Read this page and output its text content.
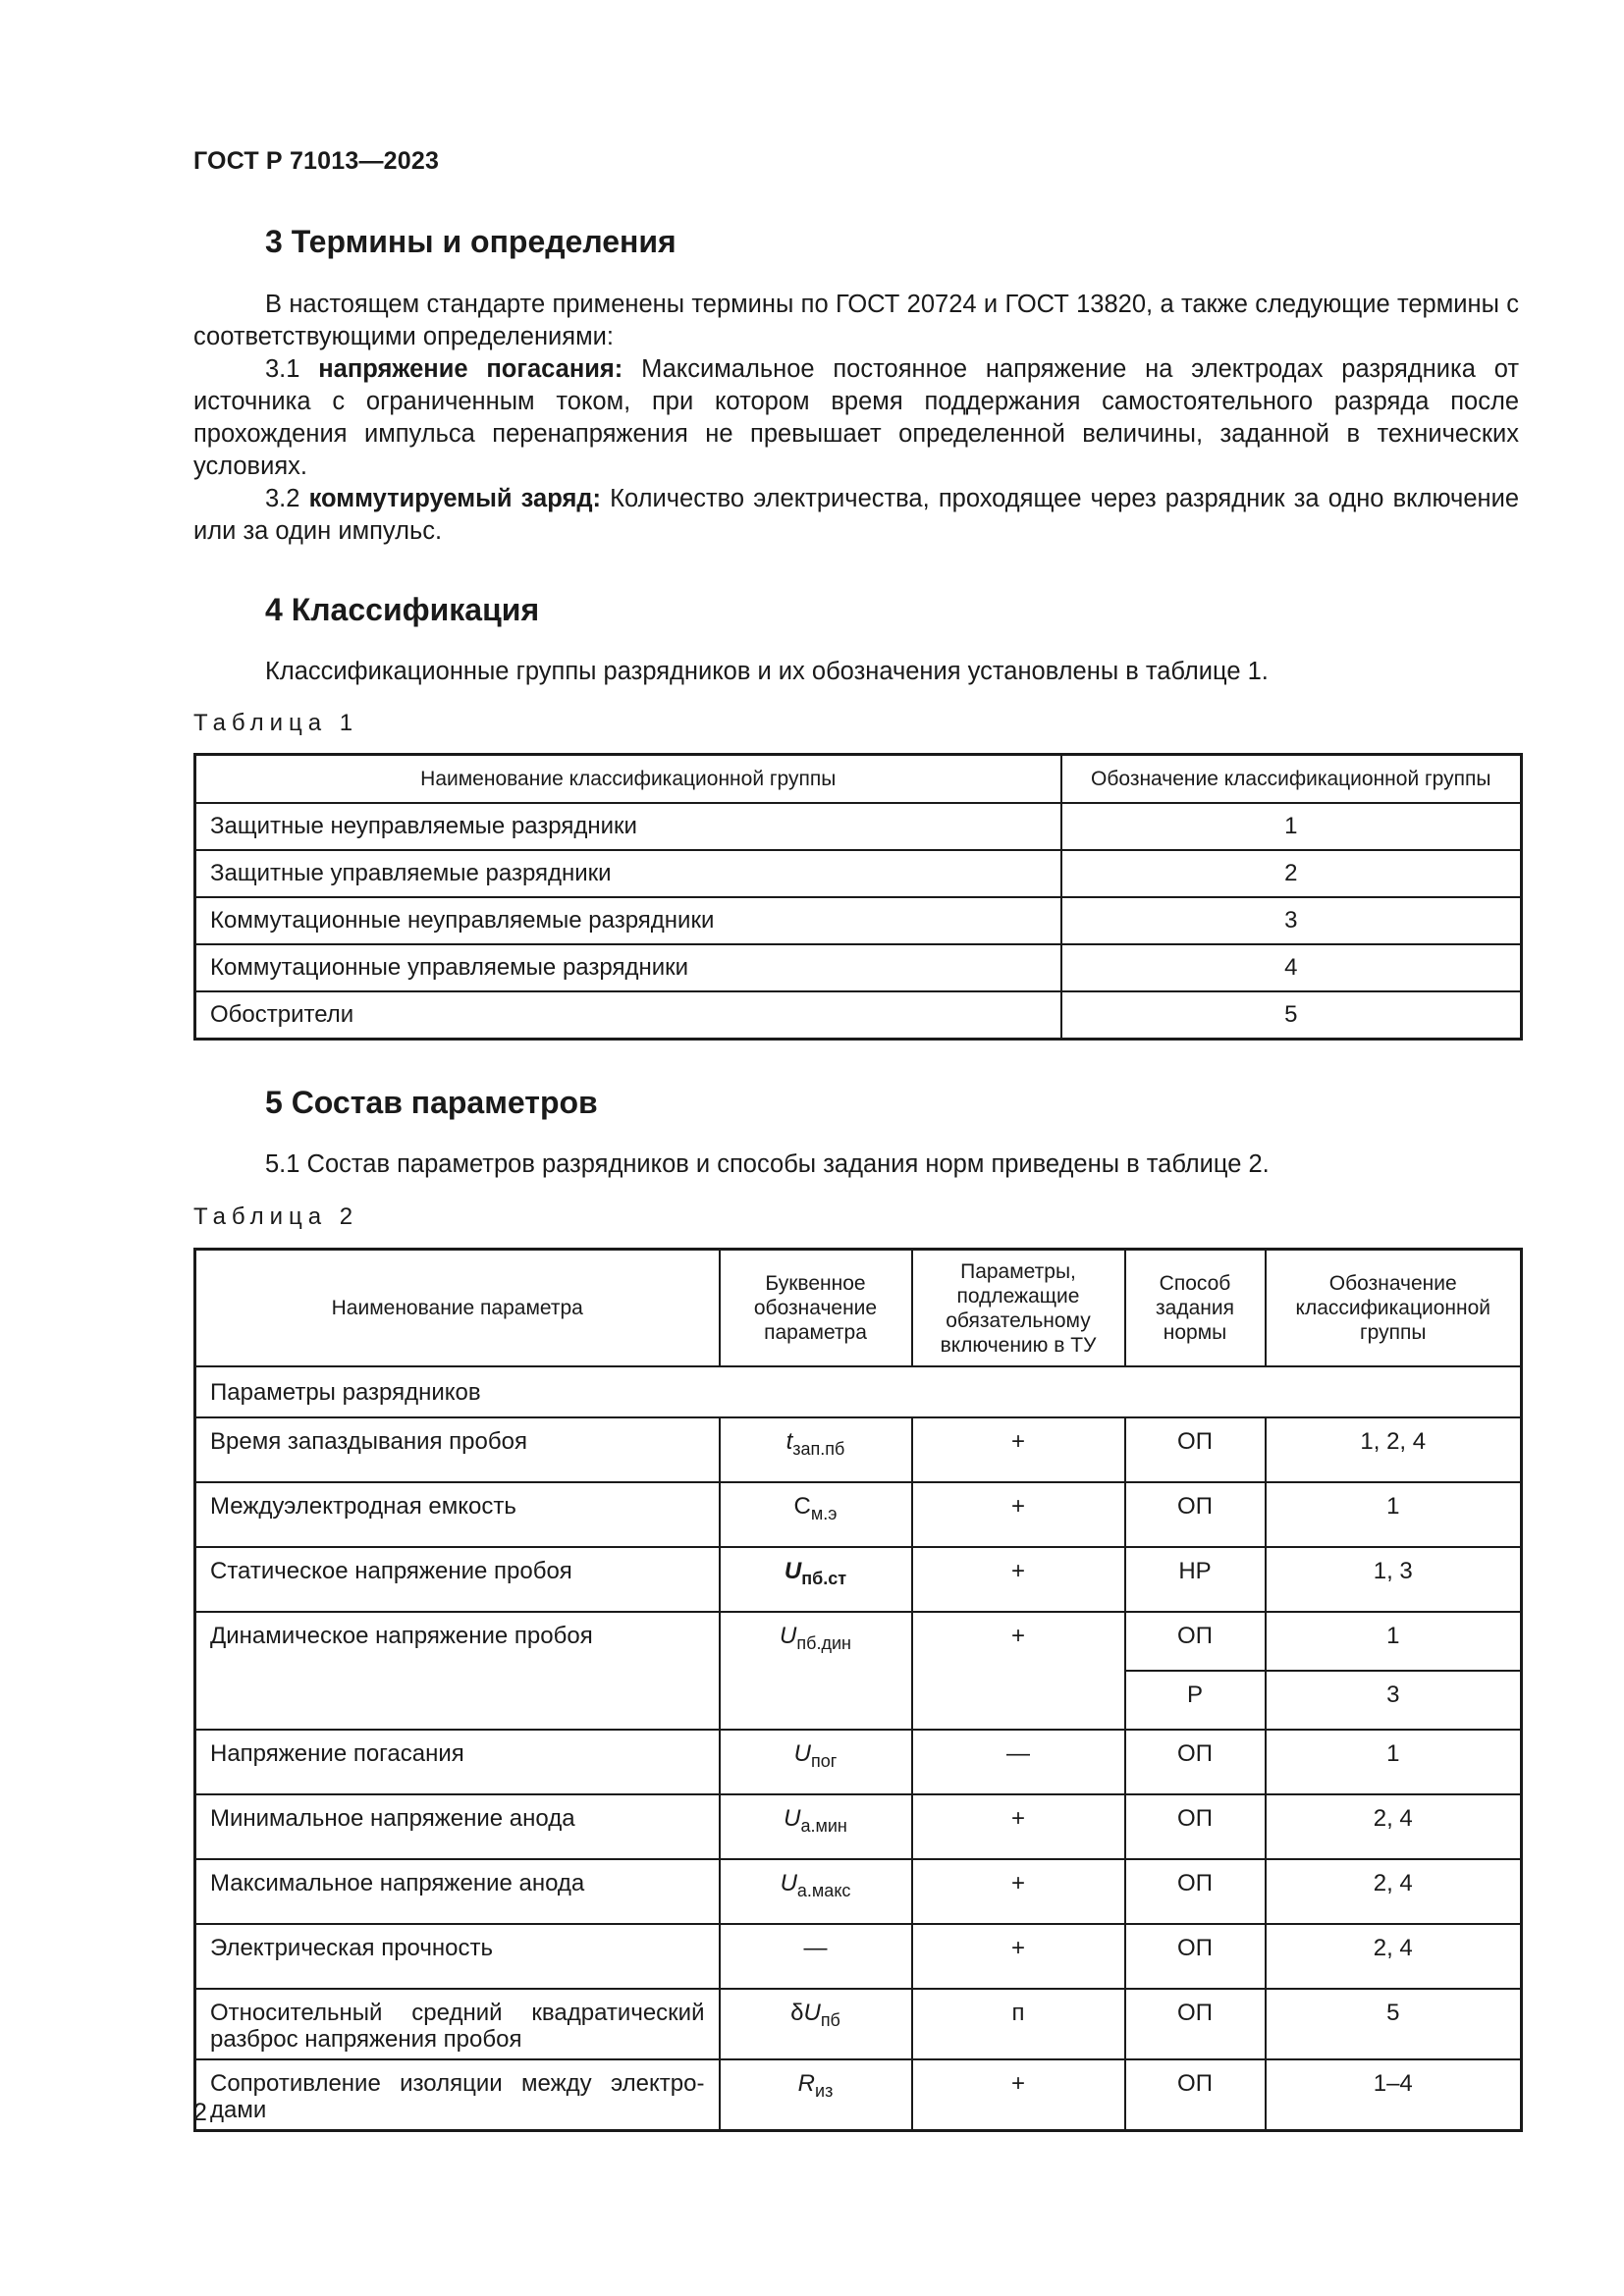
ГОСТ Р 71013—2023
3 Термины и определения
В настоящем стандарте применены термины по ГОСТ 20724 и ГОСТ 13820, а также следующие термины с соответствующими определениями:
3.1 напряжение погасания: Максимальное постоянное напряжение на электродах разрядника от источника с ограниченным током, при котором время поддержания самостоятельного разряда после прохождения импульса перенапряжения не превышает определенной величины, заданной в технических условиях.
3.2 коммутируемый заряд: Количество электричества, проходящее через разрядник за одно включение или за один импульс.
4 Классификация
Классификационные группы разрядников и их обозначения установлены в таблице 1.
Таблица 1
Наименование классификационной группы	Обозначение классификационной группы
Защитные неуправляемые разрядники	1
Защитные управляемые разрядники	2
Коммутационные неуправляемые разрядники	3
Коммутационные управляемые разрядники	4
Обострители	5
5 Состав параметров
5.1 Состав параметров разрядников и способы задания норм приведены в таблице 2.
Таблица 2
Наименование параметра	Буквенное обозначение параметра	Параметры, подлежащие обязательному включению в ТУ	Способ задания нормы	Обозначение классификационной группы
Параметры разрядников				
Время запаздывания пробоя	$t_{зап.пб}$	+	ОП	1, 2, 4
Междуэлектродная емкость	$C_{м.э}$	+	ОП	1
Статическое напряжение пробоя	$U_{пб.ст}$	+	НР	1, 3
Динамическое напряжение пробоя	$U_{пб.дин}$	+	ОП	1
			Р	3
Напряжение погасания	$U_{пог}$	—	ОП	1
Минимальное напряжение анода	$U_{а.мин}$	+	ОП	2, 4
Максимальное напряжение анода	$U_{а.макс}$	+	ОП	2, 4
Электрическая прочность	—	+	ОП	2, 4
Относительный средний квадратический разброс напряжения пробоя	$\delta U_{пб}$	п	ОП	5
Сопротивление изоляции между электродами	$R_{из}$	+	ОП	1–4
2
